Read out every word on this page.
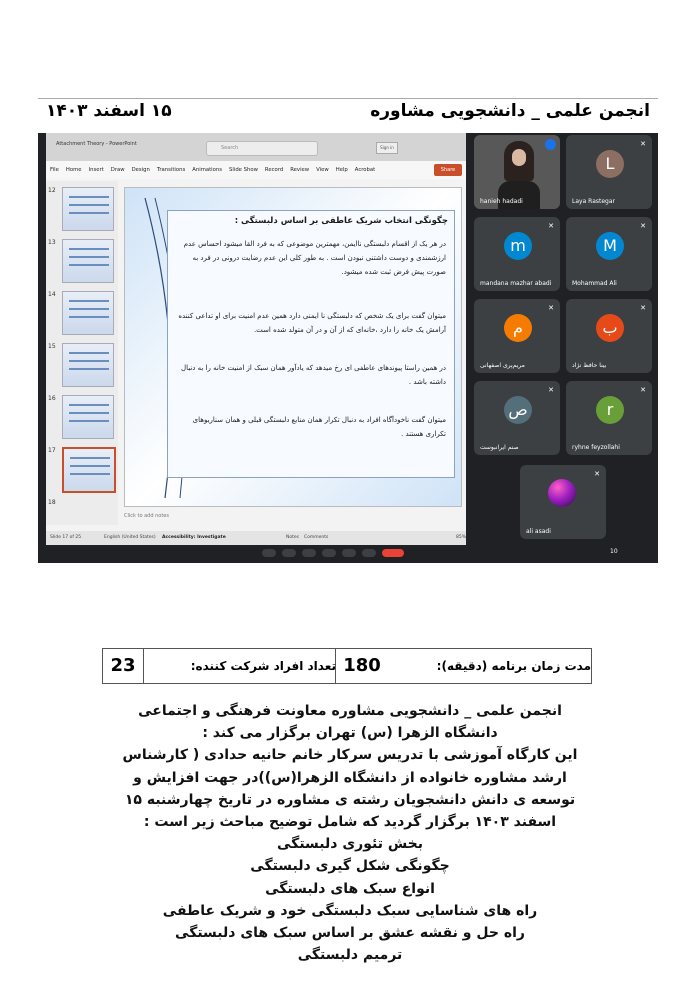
انجمن علمی _ دانشجویی مشاوره
۱۵ اسفند ۱۴۰۳
Attachment Theory - PowerPoint
Search	Sign in
File	Home	Insert	Draw	Design	Transitions	Animations	Slide Show	Record	Review	View	Help	Acrobat	Share
12
13
14
15
16
17
18
چگونگی انتخاب شریک عاطفی بر اساس دلبستگی :
در هر یک از اقسام دلبستگی ناایمن، مهمترین موضوعی که به فرد القا میشود احساس عدم ارزشمندی و دوست داشتنی نبودن است . به طور کلی این عدم رضایت درونی در فرد به صورت پیش فرض ثبت شده میشود.
میتوان گفت برای یک شخص که دلبستگی نا ایمنی دارد همین عدم امنیت برای او تداعی کننده آرامش یک خانه را دارد ،خانه‌ای که از آن و در آن متولد شده است.
در همین راستا پیوندهای عاطفی ای رخ میدهد که یادآور همان سبک از امنیت خانه را به دنبال داشته باشد .
میتوان گفت ناخودآگاه افراد به دنبال تکرار همان منابع دلبستگی قبلی و همان سناریوهای تکراری هستند .
Click to add notes
Slide 17 of 25	English (United States) Accessibility: Investigate	Notes Comments	85%
hanieh hadadi
✕
L
Laya Rastegar
✕
m
mandana mazhar abadi
✕
M
Mohammad Ali
✕
م
مریم‌پری اصفهانی
✕
ب
بینا حافظ نژاد
✕
ص
صنم ایرانبوست
✕
r
ryhne feyzollahi
✕
ali asadi
10
مدت زمان برنامه (دقیقه):
180
تعداد افراد شرکت کننده:
23

انجمن علمی _ دانشجویی مشاوره معاونت فرهنگی و اجتماعی

دانشگاه الزهرا (س) تهران برگزار می کند :

این کارگاه آموزشی با تدریس سرکار خانم حانیه حدادی ( کارشناس

ارشد مشاوره خانواده از دانشگاه الزهرا(س))در جهت افزایش و

توسعه ی دانش دانشجویان رشته ی مشاوره در تاریخ چهارشنبه ۱۵

اسفند ۱۴۰۳ برگزار گردید که شامل توضیح مباحث زیر است :

بخش تئوری دلبستگی

چگونگی شکل گیری دلبستگی

انواع سبک های دلبستگی

راه های شناسایی سبک دلبستگی خود و شریک عاطفی

راه حل و نقشه عشق بر اساس سبک های دلبستگی

ترمیم دلبستگی
